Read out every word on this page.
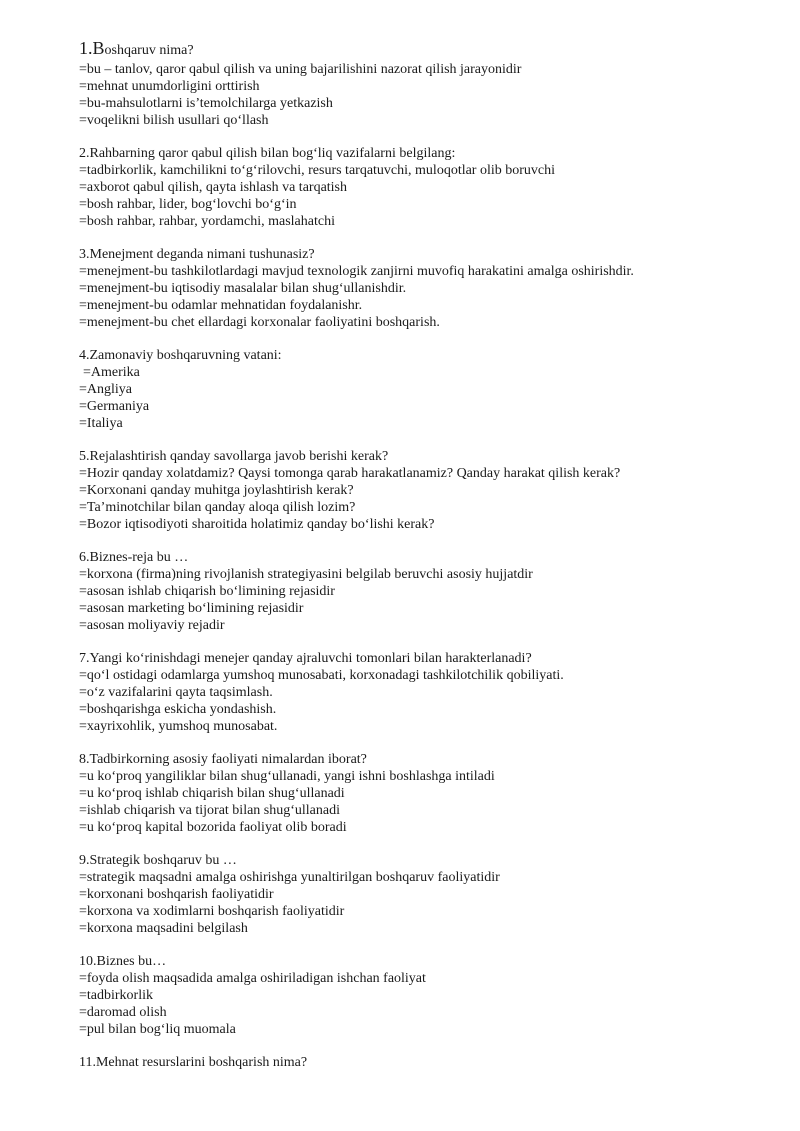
1.Boshqaruv nima?
=bu – tanlov, qaror qabul qilish va uning bajarilishini nazorat qilish jarayonidir
=mehnat unumdorligini orttirish
=bu-mahsulotlarni is’temolchilarga yetkazish
=voqelikni bilish usullari qo‘llash
2.Rahbarning qaror qabul qilish bilan bog‘liq vazifalarni belgilang:
=tadbirkorlik, kamchilikni to‘g‘rilovchi, resurs tarqatuvchi, muloqotlar olib boruvchi
=axborot qabul qilish, qayta ishlash va tarqatish
=bosh rahbar, lider, bog‘lovchi bo‘g‘in
=bosh rahbar, rahbar, yordamchi, maslahatchi
3.Menejment deganda nimani tushunasiz?
=menejment-bu tashkilotlardagi mavjud texnologik zanjirni muvofiq harakatini amalga oshirishdir.
=menejment-bu iqtisodiy masalalar bilan shug‘ullanishdir.
=menejment-bu odamlar mehnatidan foydalanishr.
=menejment-bu chet ellardagi korxonalar faoliyatini boshqarish.
4.Zamonaviy boshqaruvning vatani:
=Amerika
=Angliya
=Germaniya
=Italiya
5.Rejalashtirish qanday savollarga javob berishi kerak?
=Hozir qanday xolatdamiz? Qaysi tomonga qarab harakatlanamiz? Qanday harakat qilish kerak?
=Korxonani qanday muhitga joylashtirish kerak?
=Ta’minotchilar bilan qanday aloqa qilish lozim?
=Bozor iqtisodiyoti sharoitida holatimiz qanday bo‘lishi kerak?
6.Biznes-reja bu …
=korxona (firma)ning rivojlanish strategiyasini belgilab beruvchi asosiy hujjatdir
=asosan ishlab chiqarish bo‘limining rejasidir
=asosan marketing bo‘limining rejasidir
=asosan moliyaviy rejadir
7.Yangi ko‘rinishdagi menejer qanday ajraluvchi tomonlari bilan harakterlanadi?
=qo‘l ostidagi odamlarga yumshoq munosabati, korxonadagi tashkilotchilik qobiliyati.
=o‘z vazifalarini qayta taqsimlash.
=boshqarishga eskicha yondashish.
=xayrixohlik, yumshoq munosabat.
8.Tadbirkorning asosiy faoliyati nimalardan iborat?
=u ko‘proq yangiliklar bilan shug‘ullanadi, yangi ishni boshlashga intiladi
=u ko‘proq ishlab chiqarish bilan shug‘ullanadi
=ishlab chiqarish va tijorat bilan shug‘ullanadi
=u ko‘proq kapital bozorida faoliyat olib boradi
9.Strategik boshqaruv bu …
=strategik maqsadni amalga oshirishga yunaltirilgan boshqaruv faoliyatidir
=korxonani boshqarish faoliyatidir
=korxona va xodimlarni boshqarish faoliyatidir
=korxona maqsadini belgilash
10.Biznes bu…
=foyda olish maqsadida amalga oshiriladigan ishchan faoliyat
=tadbirkorlik
=daromad olish
=pul bilan bog‘liq muomala
11.Mehnat resurslarini boshqarish nima?
